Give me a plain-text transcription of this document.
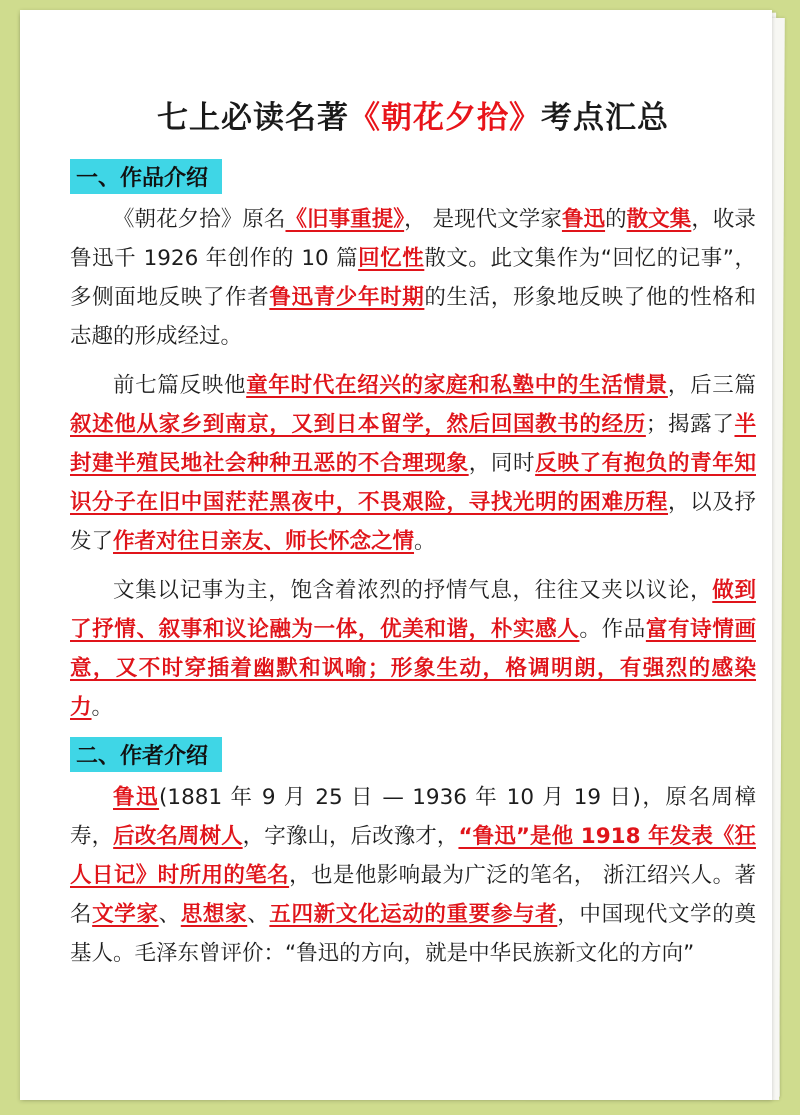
七上必读名著《朝花夕拾》考点汇总
一、作品介绍

《朝花夕拾》原名《旧事重提》， 是现代文学家鲁迅的散文集，收录鲁迅千 1926 年创作的 10 篇回忆性散文。此文集作为“回忆的记事”，多侧面地反映了作者鲁迅青少年时期的生活，形象地反映了他的性格和志趣的形成经过。

前七篇反映他童年时代在绍兴的家庭和私塾中的生活情景，后三篇叙述他从家乡到南京，又到日本留学，然后回国教书的经历；揭露了半封建半殖民地社会种种丑恶的不合理现象，同时反映了有抱负的青年知识分子在旧中国茫茫黑夜中，不畏艰险，寻找光明的困难历程，以及抒发了作者对往日亲友、师长怀念之情。

文集以记事为主，饱含着浓烈的抒情气息，往往又夹以议论，做到了抒情、叙事和议论融为一体，优美和谐，朴实感人。作品富有诗情画意，又不时穿插着幽默和讽喻；形象生动，格调明朗，有强烈的感染力。

二、作者介绍

鲁迅(1881 年 9 月 25 日 — 1936 年 10 月 19 日)，原名周樟寿，后改名周树人，字豫山，后改豫才，“鲁迅”是他 1918 年发表《狂人日记》时所用的笔名，也是他影响最为广泛的笔名， 浙江绍兴人。著名文学家、思想家、五四新文化运动的重要参与者，中国现代文学的奠基人。毛泽东曾评价：“鲁迅的方向，就是中华民族新文化的方向”
